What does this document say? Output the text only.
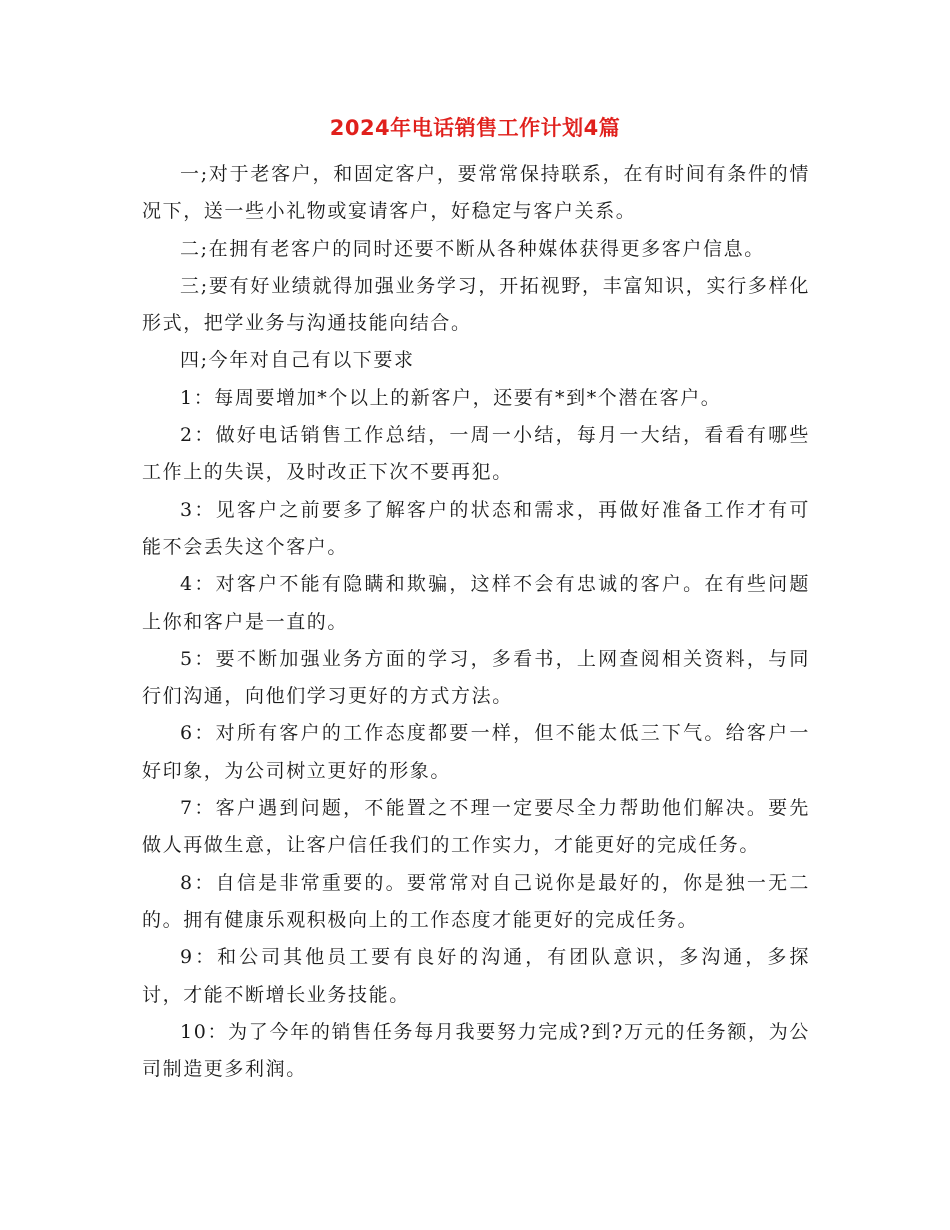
2024年电话销售工作计划4篇

一;对于老客户，和固定客户，要常常保持联系，在有时间有条件的情况下，送一些小礼物或宴请客户，好稳定与客户关系。

二;在拥有老客户的同时还要不断从各种媒体获得更多客户信息。

三;要有好业绩就得加强业务学习，开拓视野，丰富知识，实行多样化形式，把学业务与沟通技能向结合。

四;今年对自己有以下要求

1：每周要增加*个以上的新客户，还要有*到*个潜在客户。

2：做好电话销售工作总结，一周一小结，每月一大结，看看有哪些工作上的失误，及时改正下次不要再犯。

3：见客户之前要多了解客户的状态和需求，再做好准备工作才有可能不会丢失这个客户。

4：对客户不能有隐瞒和欺骗，这样不会有忠诚的客户。在有些问题上你和客户是一直的。

5：要不断加强业务方面的学习，多看书，上网查阅相关资料，与同行们沟通，向他们学习更好的方式方法。

6：对所有客户的工作态度都要一样，但不能太低三下气。给客户一好印象，为公司树立更好的形象。

7：客户遇到问题，不能置之不理一定要尽全力帮助他们解决。要先做人再做生意，让客户信任我们的工作实力，才能更好的完成任务。

8：自信是非常重要的。要常常对自己说你是最好的，你是独一无二的。拥有健康乐观积极向上的工作态度才能更好的完成任务。

9：和公司其他员工要有良好的沟通，有团队意识，多沟通，多探讨，才能不断增长业务技能。

10：为了今年的销售任务每月我要努力完成?到?万元的任务额，为公司制造更多利润。
